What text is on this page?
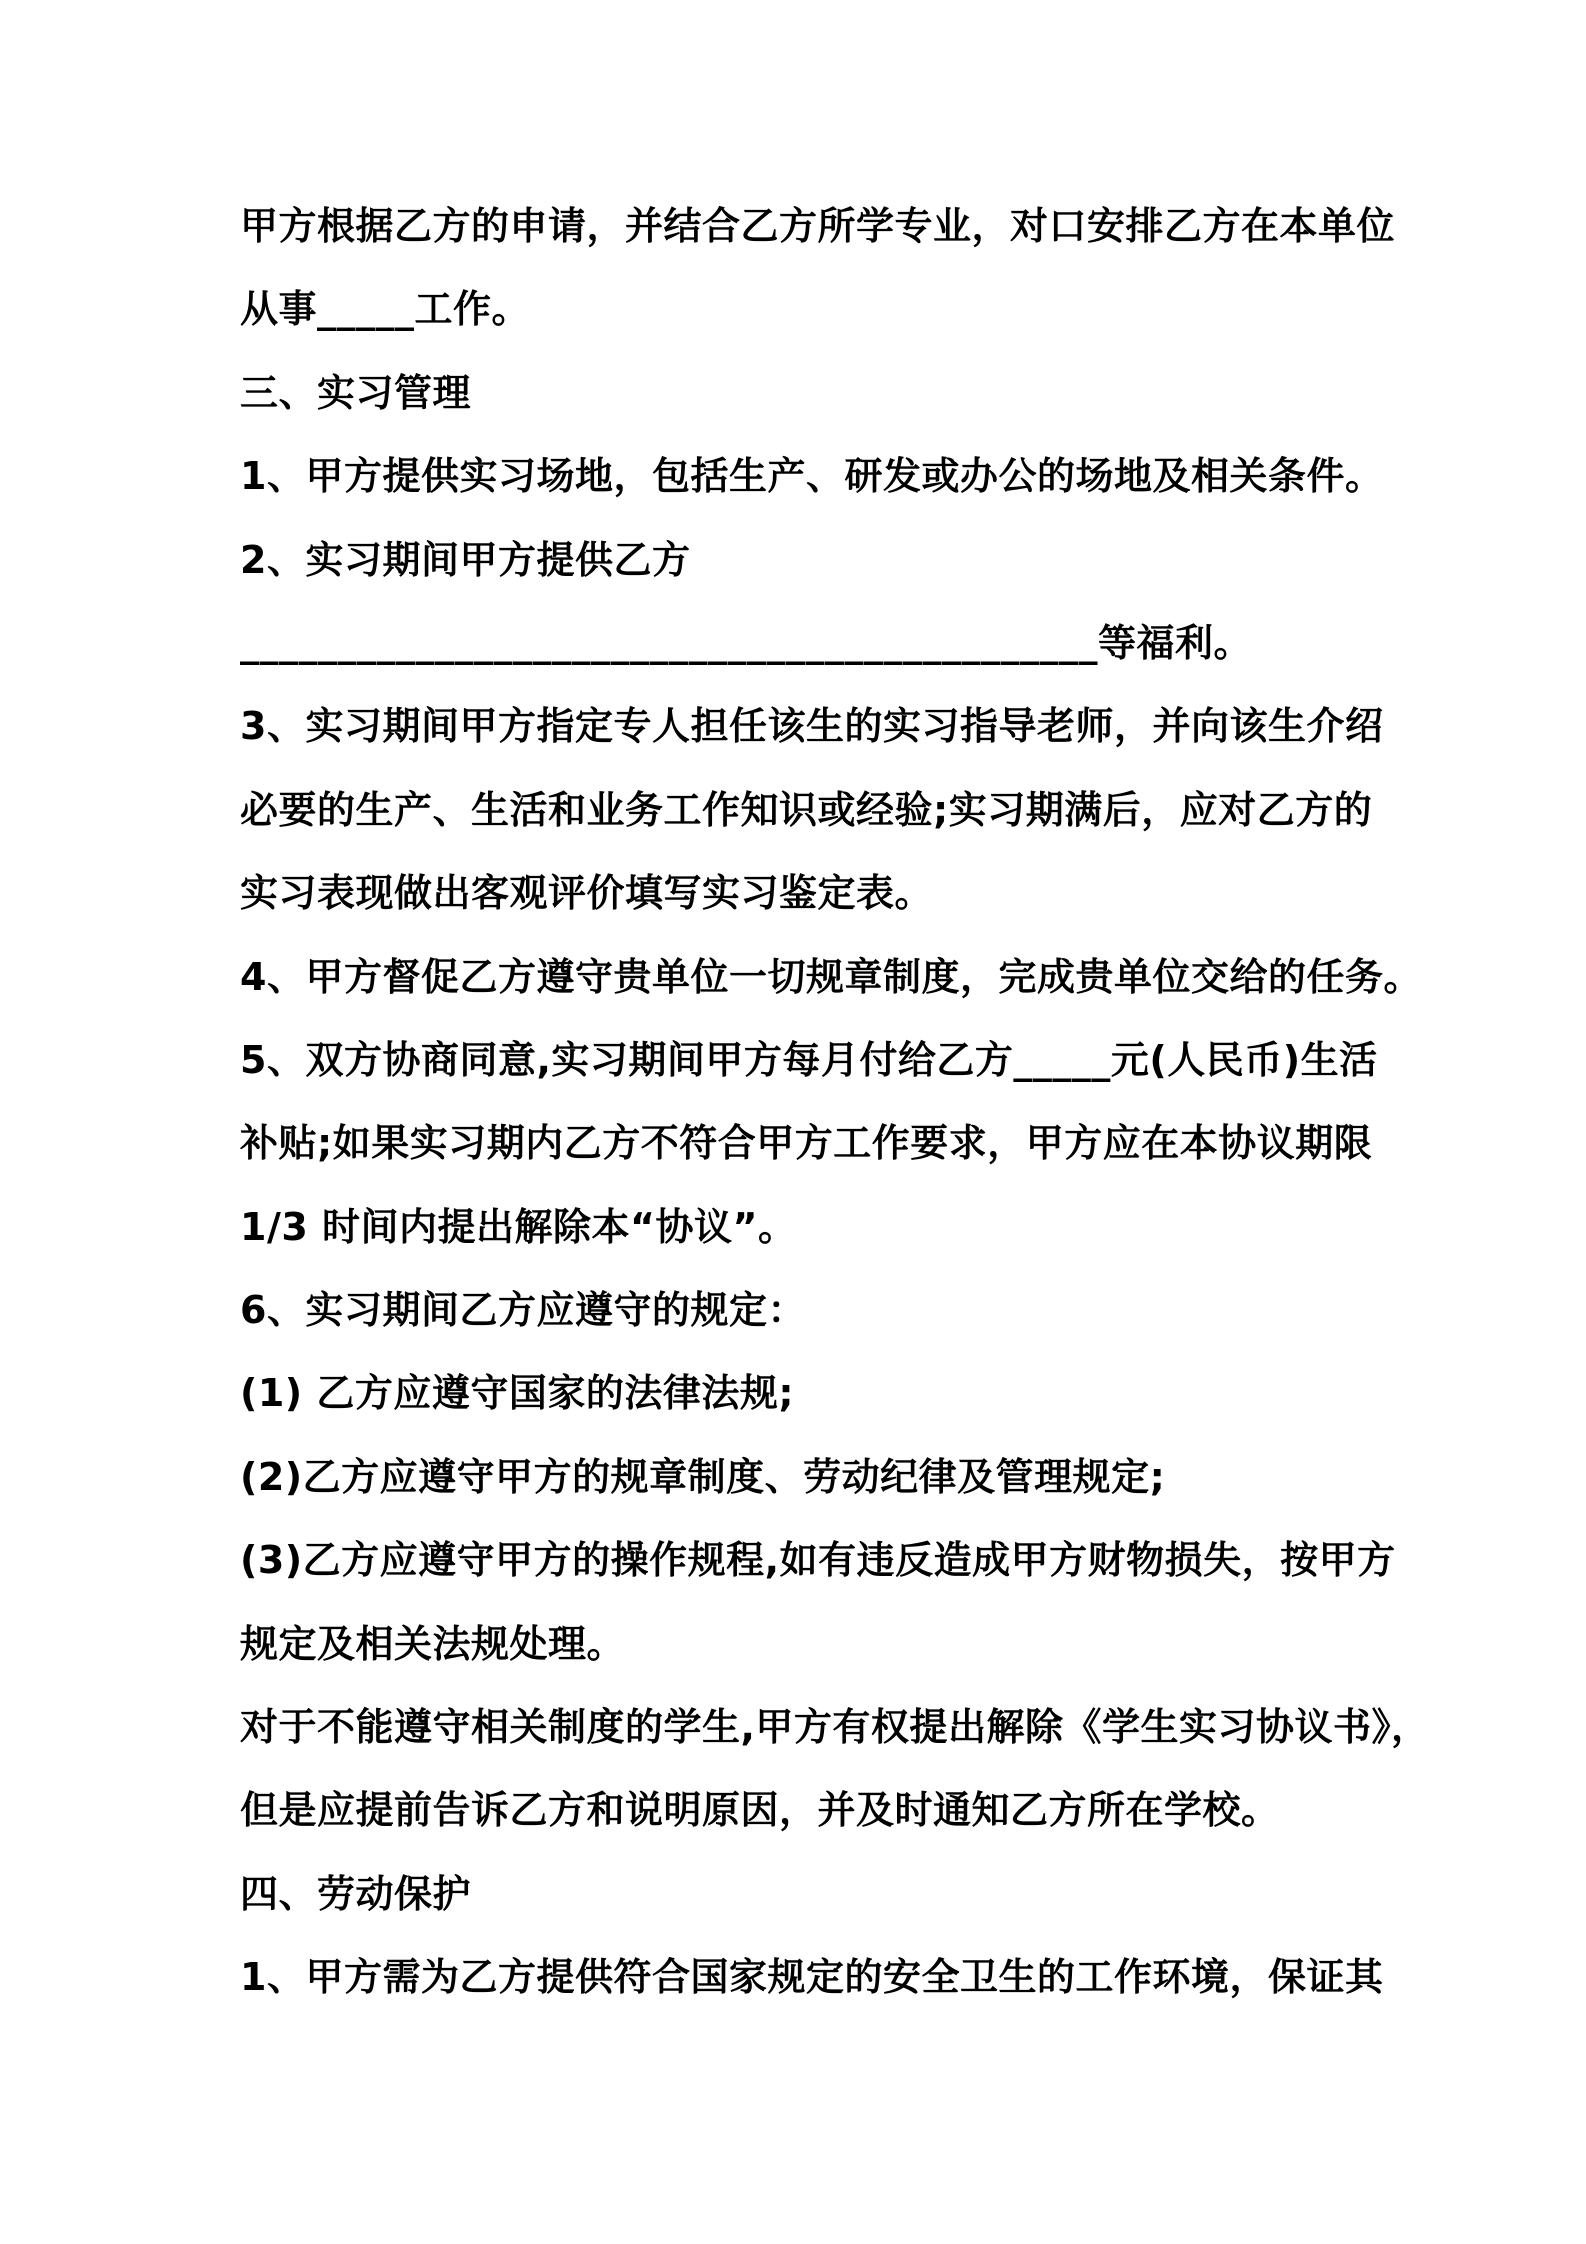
甲方根据乙方的申请，并结合乙方所学专业，对口安排乙方在本单位

从事_____工作。

三、实习管理

1、甲方提供实习场地，包括生产、研发或办公的场地及相关条件。

2、实习期间甲方提供乙方

____________________________________________等福利。

3、实习期间甲方指定专人担任该生的实习指导老师，并向该生介绍

必要的生产、生活和业务工作知识或经验;实习期满后，应对乙方的

实习表现做出客观评价填写实习鉴定表。

4、甲方督促乙方遵守贵单位一切规章制度，完成贵单位交给的任务。

5、双方协商同意,实习期间甲方每月付给乙方_____元(人民币)生活

补贴;如果实习期内乙方不符合甲方工作要求，甲方应在本协议期限

1/3 时间内提出解除本“协议”。

6、实习期间乙方应遵守的规定：

(1) 乙方应遵守国家的法律法规;

(2)乙方应遵守甲方的规章制度、劳动纪律及管理规定;

(3)乙方应遵守甲方的操作规程,如有违反造成甲方财物损失，按甲方

规定及相关法规处理。

对于不能遵守相关制度的学生,甲方有权提出解除《学生实习协议书》，

但是应提前告诉乙方和说明原因，并及时通知乙方所在学校。

四、劳动保护

1、甲方需为乙方提供符合国家规定的安全卫生的工作环境，保证其
